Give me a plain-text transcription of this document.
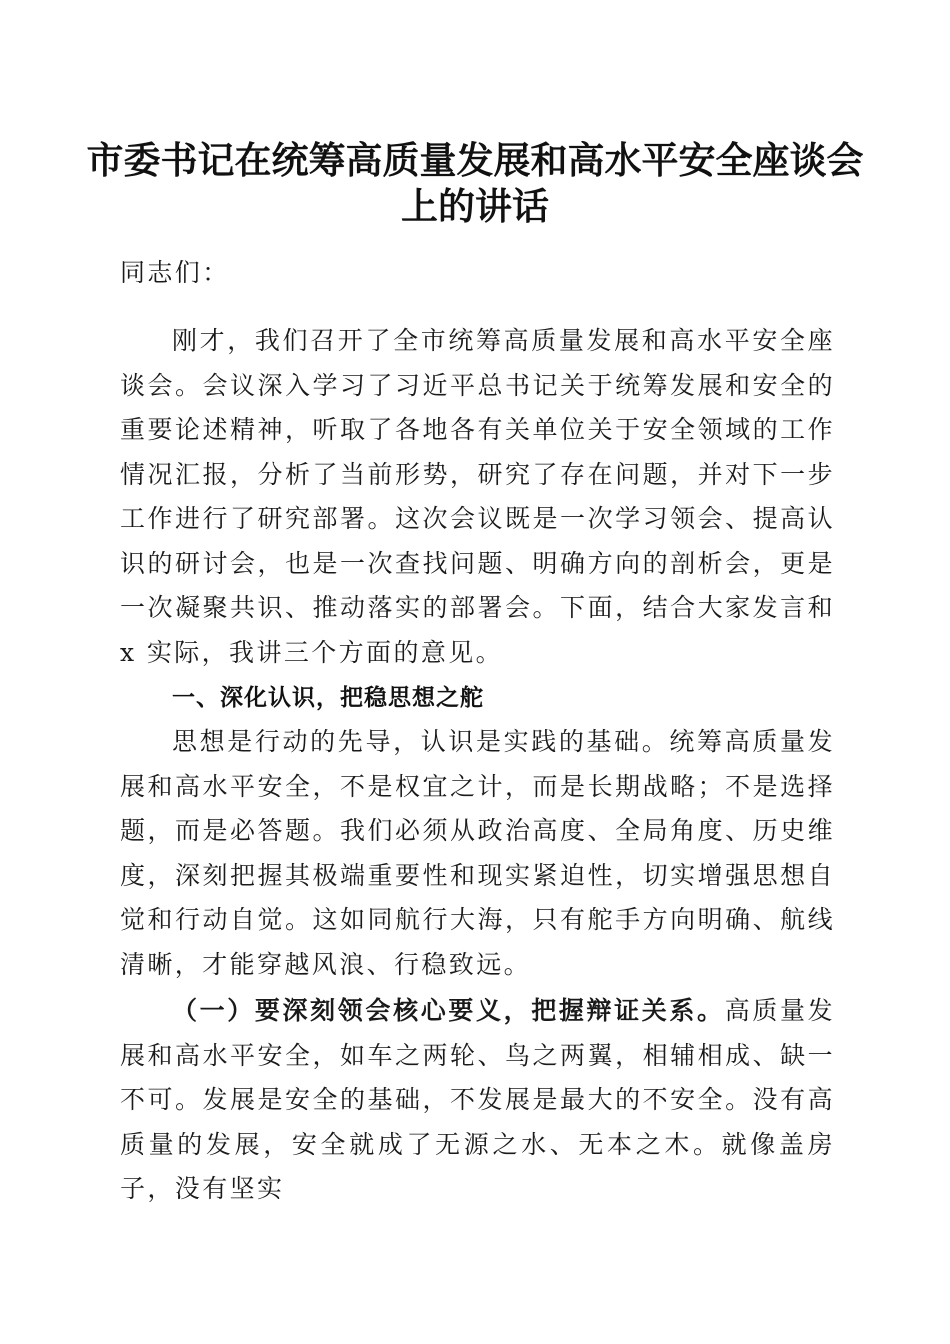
市委书记在统筹高质量发展和高水平安全座谈会上的讲话
同志们：
刚才，我们召开了全市统筹高质量发展和高水平安全座谈会。会议深入学习了习近平总书记关于统筹发展和安全的重要论述精神，听取了各地各有关单位关于安全领域的工作情况汇报，分析了当前形势，研究了存在问题，并对下一步工作进行了研究部署。这次会议既是一次学习领会、提高认识的研讨会，也是一次查找问题、明确方向的剖析会，更是一次凝聚共识、推动落实的部署会。下面，结合大家发言和 x 实际，我讲三个方面的意见。
一、深化认识，把稳思想之舵
思想是行动的先导，认识是实践的基础。统筹高质量发展和高水平安全，不是权宜之计，而是长期战略；不是选择题，而是必答题。我们必须从政治高度、全局角度、历史维度，深刻把握其极端重要性和现实紧迫性，切实增强思想自觉和行动自觉。这如同航行大海，只有舵手方向明确、航线清晰，才能穿越风浪、行稳致远。
（一）要深刻领会核心要义，把握辩证关系。高质量发展和高水平安全，如车之两轮、鸟之两翼，相辅相成、缺一不可。发展是安全的基础，不发展是最大的不安全。没有高质量的发展，安全就成了无源之水、无本之木。就像盖房子，没有坚实
